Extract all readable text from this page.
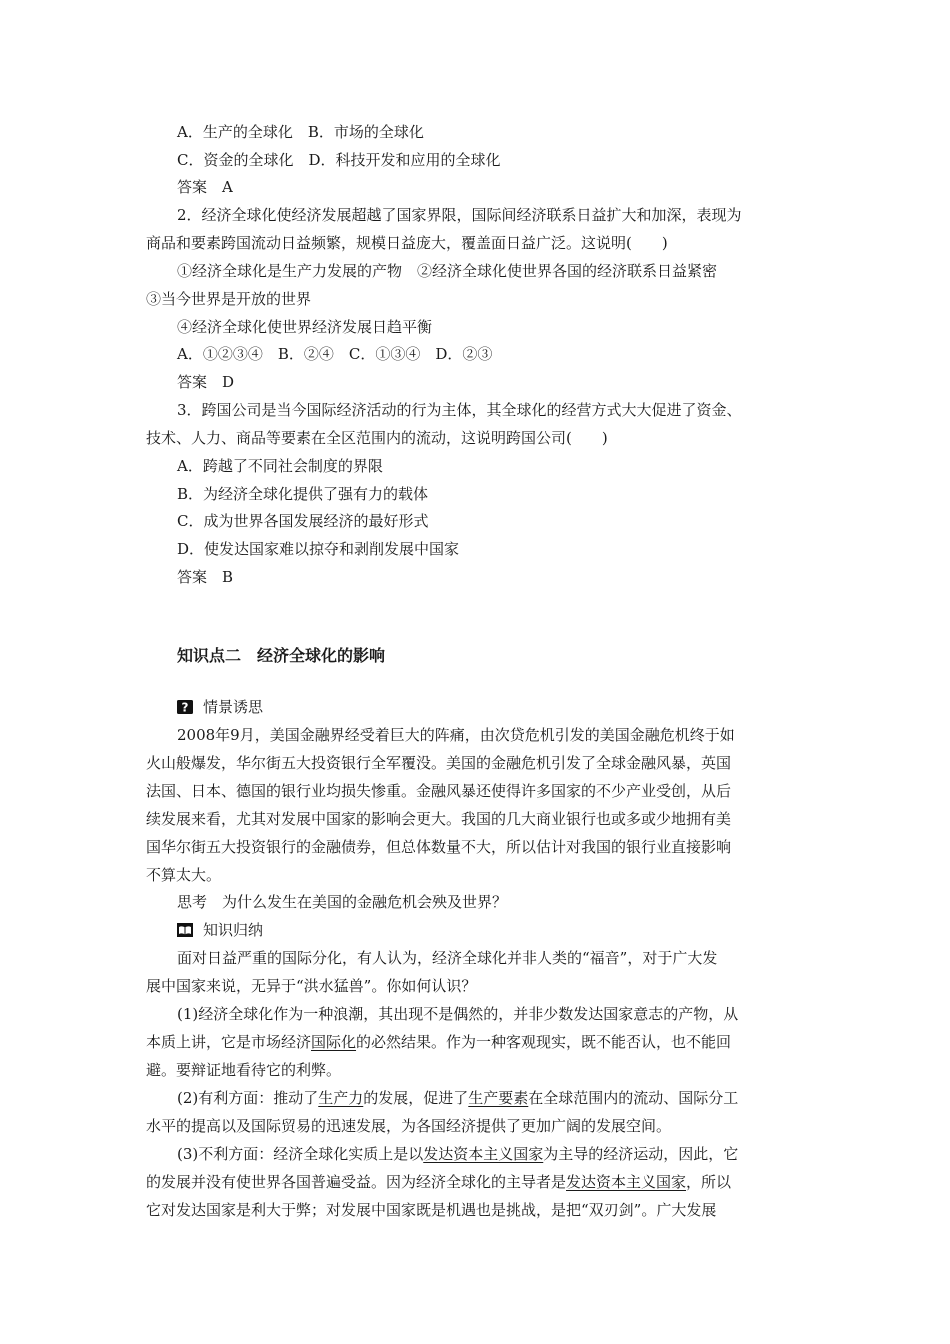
A．生产的全球化　B．市场的全球化
C．资金的全球化　D．科技开发和应用的全球化
答案　A
2．经济全球化使经济发展超越了国家界限，国际间经济联系日益扩大和加深，表现为
商品和要素跨国流动日益频繁，规模日益庞大，覆盖面日益广泛。这说明(　　)
①经济全球化是生产力发展的产物　②经济全球化使世界各国的经济联系日益紧密
③当今世界是开放的世界
④经济全球化使世界经济发展日趋平衡
A．①②③④　B．②④　C．①③④　D．②③
答案　D
3．跨国公司是当今国际经济活动的行为主体，其全球化的经营方式大大促进了资金、
技术、人力、商品等要素在全区范围内的流动，这说明跨国公司(　　)
A．跨越了不同社会制度的界限
B．为经济全球化提供了强有力的载体
C．成为世界各国发展经济的最好形式
D．使发达国家难以掠夺和剥削发展中国家
答案　B
知识点二　经济全球化的影响
? 情景诱思
2008年9月，美国金融界经受着巨大的阵痛，由次贷危机引发的美国金融危机终于如
火山般爆发，华尔街五大投资银行全军覆没。美国的金融危机引发了全球金融风暴，英国
法国、日本、德国的银行业均损失惨重。金融风暴还使得许多国家的不少产业受创，从后
续发展来看，尤其对发展中国家的影响会更大。我国的几大商业银行也或多或少地拥有美
国华尔街五大投资银行的金融债券，但总体数量不大，所以估计对我国的银行业直接影响
不算太大。
思考　为什么发生在美国的金融危机会殃及世界？
知识归纳
面对日益严重的国际分化，有人认为，经济全球化并非人类的“福音”，对于广大发
展中国家来说，无异于“洪水猛兽”。你如何认识？
(1)经济全球化作为一种浪潮，其出现不是偶然的，并非少数发达国家意志的产物，从
本质上讲，它是市场经济国际化的必然结果。作为一种客观现实，既不能否认，也不能回
避。要辩证地看待它的利弊。
(2)有利方面：推动了生产力的发展，促进了生产要素在全球范围内的流动、国际分工
水平的提高以及国际贸易的迅速发展，为各国经济提供了更加广阔的发展空间。
(3)不利方面：经济全球化实质上是以发达资本主义国家为主导的经济运动，因此，它
的发展并没有使世界各国普遍受益。因为经济全球化的主导者是发达资本主义国家，所以
它对发达国家是利大于弊；对发展中国家既是机遇也是挑战，是把“双刃剑”。广大发展
